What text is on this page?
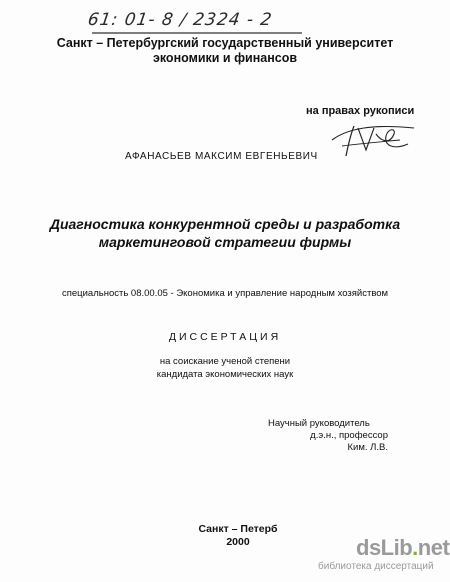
61: 01- 8 / 2324 - 2
Санкт – Петербургский государственный университет
экономики и финансов
на правах рукописи
АФАНАСЬЕВ МАКСИМ ЕВГЕНЬЕВИЧ
Диагностика конкурентной среды и разработка
маркетинговой стратегии фирмы
специальность 08.00.05 - Экономика и управление народным хозяйством
ДИССЕРТАЦИЯ
на соискание ученой степени
кандидата экономических наук
Научный руководитель
д.э.н., профессор
Ким. Л.В.
Санкт – Петерб
2000	dsLib.net
библиотека диссертаций
